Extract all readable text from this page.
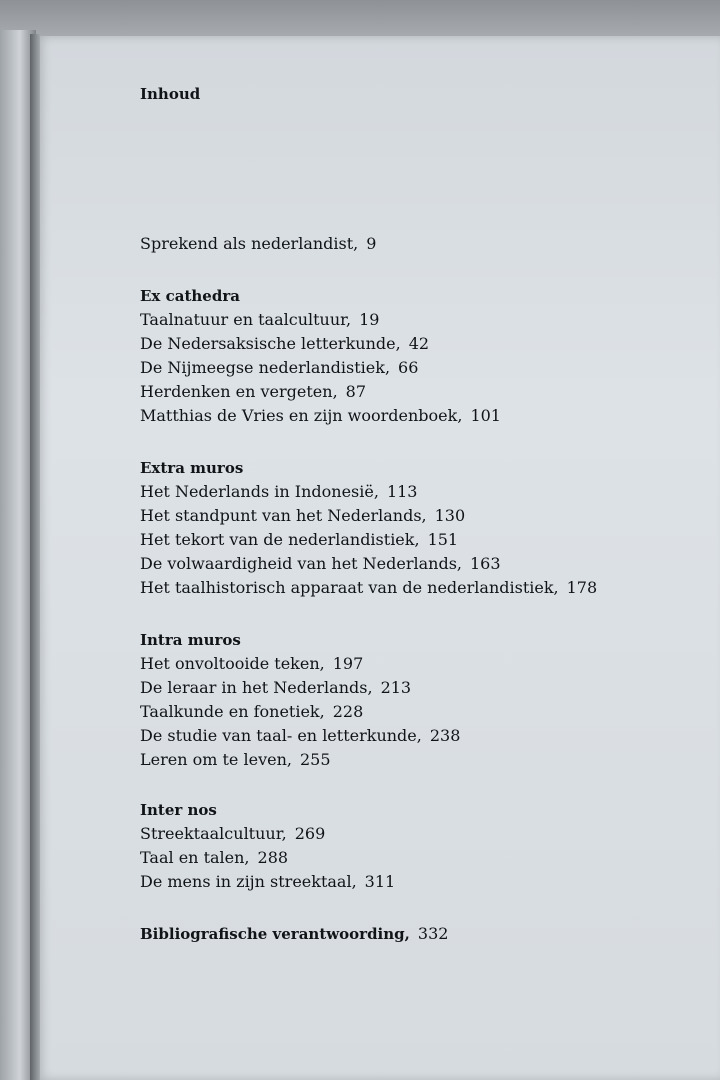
Inhoud
Sprekend als nederlandist, 9
Ex cathedra
Taalnatuur en taalcultuur, 19
De Nedersaksische letterkunde, 42
De Nijmeegse nederlandistiek, 66
Herdenken en vergeten, 87
Matthias de Vries en zijn woordenboek, 101
Extra muros
Het Nederlands in Indonesië, 113
Het standpunt van het Nederlands, 130
Het tekort van de nederlandistiek, 151
De volwaardigheid van het Nederlands, 163
Het taalhistorisch apparaat van de nederlandistiek, 178
Intra muros
Het onvoltooide teken, 197
De leraar in het Nederlands, 213
Taalkunde en fonetiek, 228
De studie van taal- en letterkunde, 238
Leren om te leven, 255
Inter nos
Streektaalcultuur, 269
Taal en talen, 288
De mens in zijn streektaal, 311
Bibliografische verantwoording, 332
